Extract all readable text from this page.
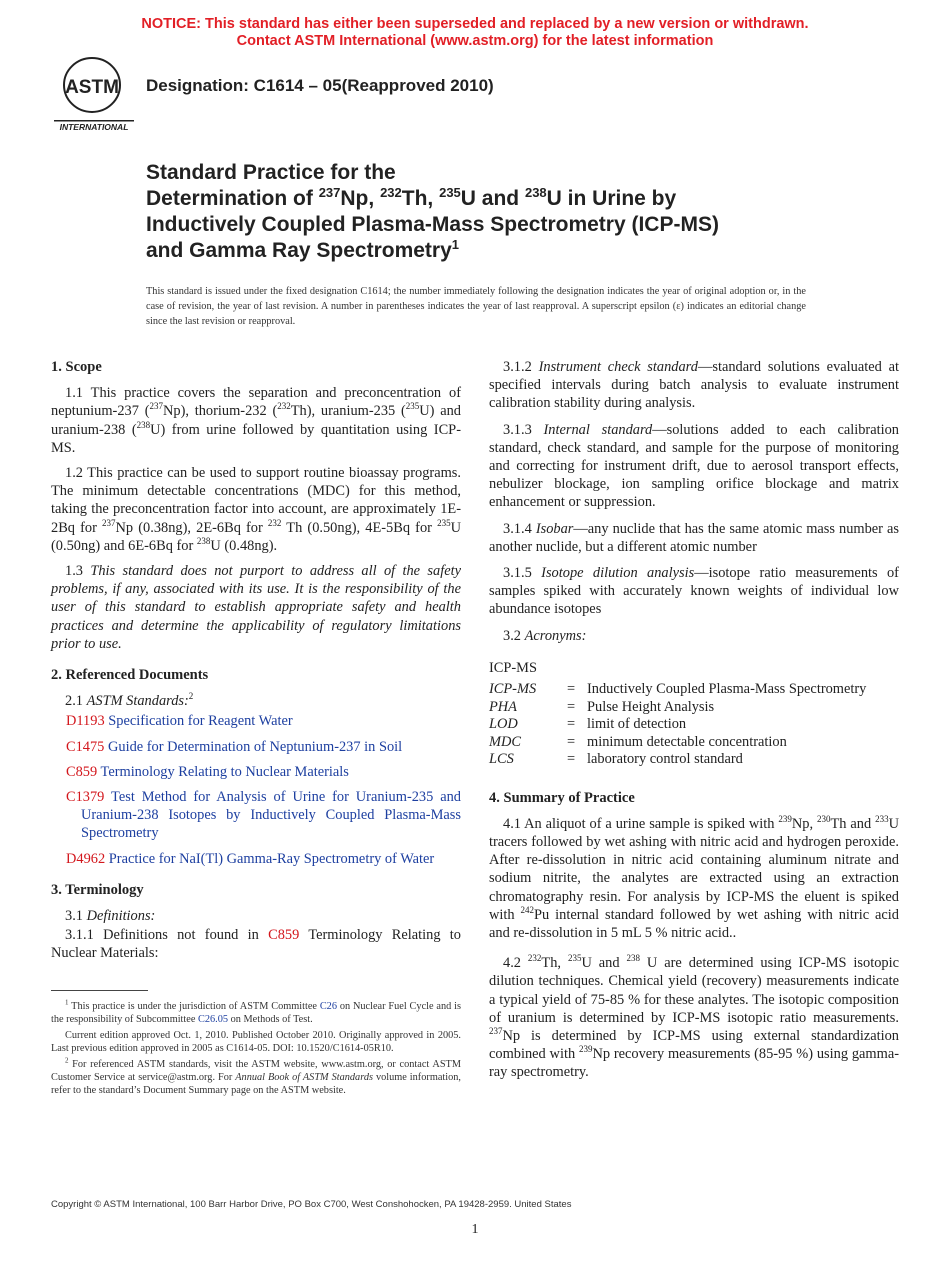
NOTICE: This standard has either been superseded and replaced by a new version or withdrawn.
Contact ASTM International (www.astm.org) for the latest information
ASTM
INTERNATIONAL
Designation: C1614 – 05(Reapproved 2010)
Standard Practice for the
Determination of $^{237}$Np, $^{232}$Th, $^{235}$U and $^{238}$U in Urine by
Inductively Coupled Plasma-Mass Spectrometry (ICP-MS)
and Gamma Ray Spectrometry$^1$
This standard is issued under the fixed designation C1614; the number immediately following the designation indicates the year of original adoption or, in the case of revision, the year of last revision. A number in parentheses indicates the year of last reapproval. A superscript epsilon (ε) indicates an editorial change since the last revision or reapproval.
1. Scope

1.1 This practice covers the separation and preconcentration of neptunium-237 ($^{237}$Np), thorium-232 ($^{232}$Th), uranium-235 ($^{235}$U) and uranium-238 ($^{238}$U) from urine followed by quantitation using ICP-MS.

1.2 This practice can be used to support routine bioassay programs. The minimum detectable concentrations (MDC) for this method, taking the preconcentration factor into account, are approximately 1E-2Bq for $^{237}$Np (0.38ng), 2E-6Bq for $^{232}$ Th (0.50ng), 4E-5Bq for $^{235}$U (0.50ng) and 6E-6Bq for $^{238}$U (0.48ng).

1.3 This standard does not purport to address all of the safety problems, if any, associated with its use. It is the responsibility of the user of this standard to establish appropriate safety and health practices and determine the applicability of regulatory limitations prior to use.

2. Referenced Documents

2.1 ASTM Standards:$^2$

D1193 Specification for Reagent Water

C1475 Guide for Determination of Neptunium-237 in Soil

C859 Terminology Relating to Nuclear Materials

C1379 Test Method for Analysis of Urine for Uranium-235 and Uranium-238 Isotopes by Inductively Coupled Plasma-Mass Spectrometry

D4962 Practice for NaI(Tl) Gamma-Ray Spectrometry of Water

3. Terminology

3.1 Definitions:

3.1.1 Definitions not found in C859 Terminology Relating to Nuclear Materials:

3.1.2 Instrument check standard—standard solutions evaluated at specified intervals during batch analysis to evaluate instrument calibration stability during analysis.

3.1.3 Internal standard—solutions added to each calibration standard, check standard, and sample for the purpose of monitoring and correcting for instrument drift, due to aerosol transport effects, nebulizer blockage, ion sampling orifice blockage and matrix enhancement or suppression.

3.1.4 Isobar—any nuclide that has the same atomic mass number as another nuclide, but a different atomic number

3.1.5 Isotope dilution analysis—isotope ratio measurements of samples spiked with accurately known weights of individual low abundance isotopes

3.2 Acronyms:

ICP-MS
ICP-MS	=	Inductively Coupled Plasma-Mass Spectrometry
PHA	=	Pulse Height Analysis
LOD	=	limit of detection
MDC	=	minimum detectable concentration
LCS	=	laboratory control standard
4. Summary of Practice

4.1 An aliquot of a urine sample is spiked with $^{239}$Np, $^{230}$Th and $^{233}$U tracers followed by wet ashing with nitric acid and hydrogen peroxide. After re-dissolution in nitric acid containing aluminum nitrate and sodium nitrite, the analytes are extracted using an extraction chromatography resin. For analysis by ICP-MS the eluent is spiked with $^{242}$Pu internal standard followed by wet ashing with nitric acid and re-dissolution in 5 mL 5 % nitric acid..

4.2 $^{232}$Th, $^{235}$U and $^{238}$ U are determined using ICP-MS isotopic dilution techniques. Chemical yield (recovery) measurements indicate a typical yield of 75-85 % for these analytes. The isotopic composition of uranium is determined by ICP-MS isotopic ratio measurements. $^{237}$Np is determined by ICP-MS using external standardization combined with $^{239}$Np recovery measurements (85-95 %) using gamma-ray spectrometry.

$^1$ This practice is under the jurisdiction of ASTM Committee C26 on Nuclear Fuel Cycle and is the responsibility of Subcommittee C26.05 on Methods of Test.

Current edition approved Oct. 1, 2010. Published October 2010. Originally approved in 2005. Last previous edition approved in 2005 as C1614-05. DOI: 10.1520/C1614-05R10.

$^2$ For referenced ASTM standards, visit the ASTM website, www.astm.org, or contact ASTM Customer Service at service@astm.org. For Annual Book of ASTM Standards volume information, refer to the standard’s Document Summary page on the ASTM website.

Copyright © ASTM International, 100 Barr Harbor Drive, PO Box C700, West Conshohocken, PA 19428-2959. United States
1
